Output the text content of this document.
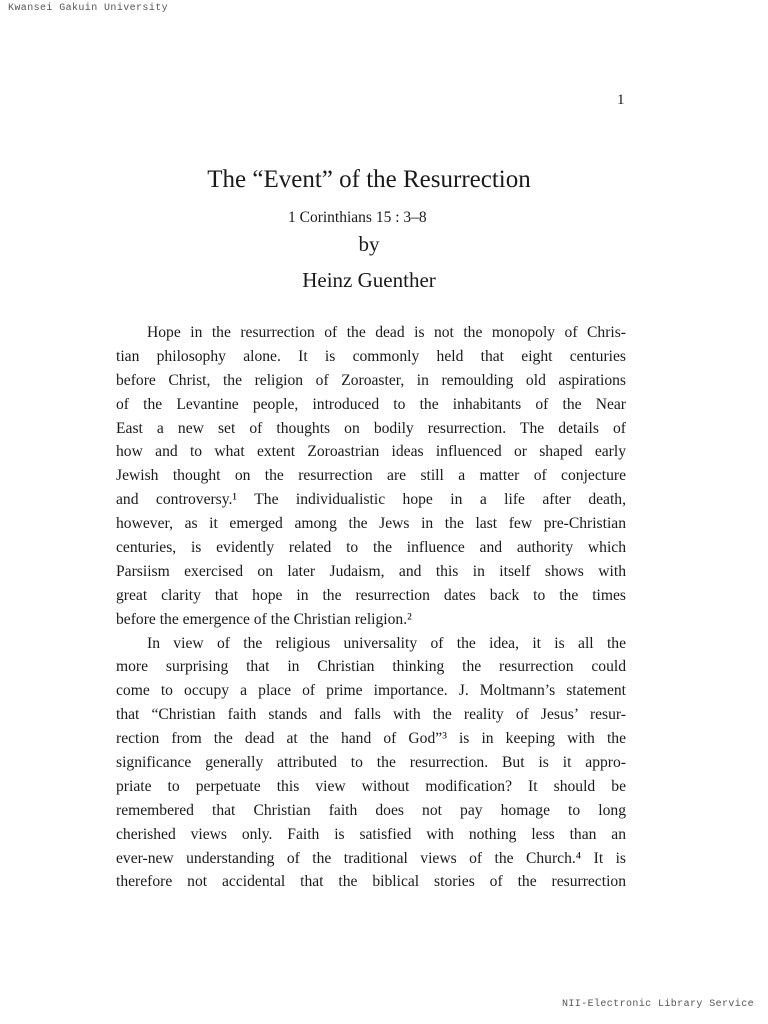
Kwansei Gakuin University
1
The “Event” of the Resurrection
1 Corinthians 15 : 3–8
by
Heinz Guenther
Hope in the resurrection of the dead is not the monopoly of Chris-
tian philosophy alone. It is commonly held that eight centuries
before Christ, the religion of Zoroaster, in remoulding old aspirations
of the Levantine people, introduced to the inhabitants of the Near
East a new set of thoughts on bodily resurrection. The details of
how and to what extent Zoroastrian ideas influenced or shaped early
Jewish thought on the resurrection are still a matter of conjecture
and controversy.¹ The individualistic hope in a life after death,
however, as it emerged among the Jews in the last few pre-Christian
centuries, is evidently related to the influence and authority which
Parsiism exercised on later Judaism, and this in itself shows with
great clarity that hope in the resurrection dates back to the times
before the emergence of the Christian religion.²
In view of the religious universality of the idea, it is all the
more surprising that in Christian thinking the resurrection could
come to occupy a place of prime importance. J. Moltmann’s statement
that “Christian faith stands and falls with the reality of Jesus’ resur-
rection from the dead at the hand of God”³ is in keeping with the
significance generally attributed to the resurrection. But is it appro-
priate to perpetuate this view without modification? It should be
remembered that Christian faith does not pay homage to long
cherished views only. Faith is satisfied with nothing less than an
ever-new understanding of the traditional views of the Church.⁴ It is
therefore not accidental that the biblical stories of the resurrection
NII-Electronic Library Service
